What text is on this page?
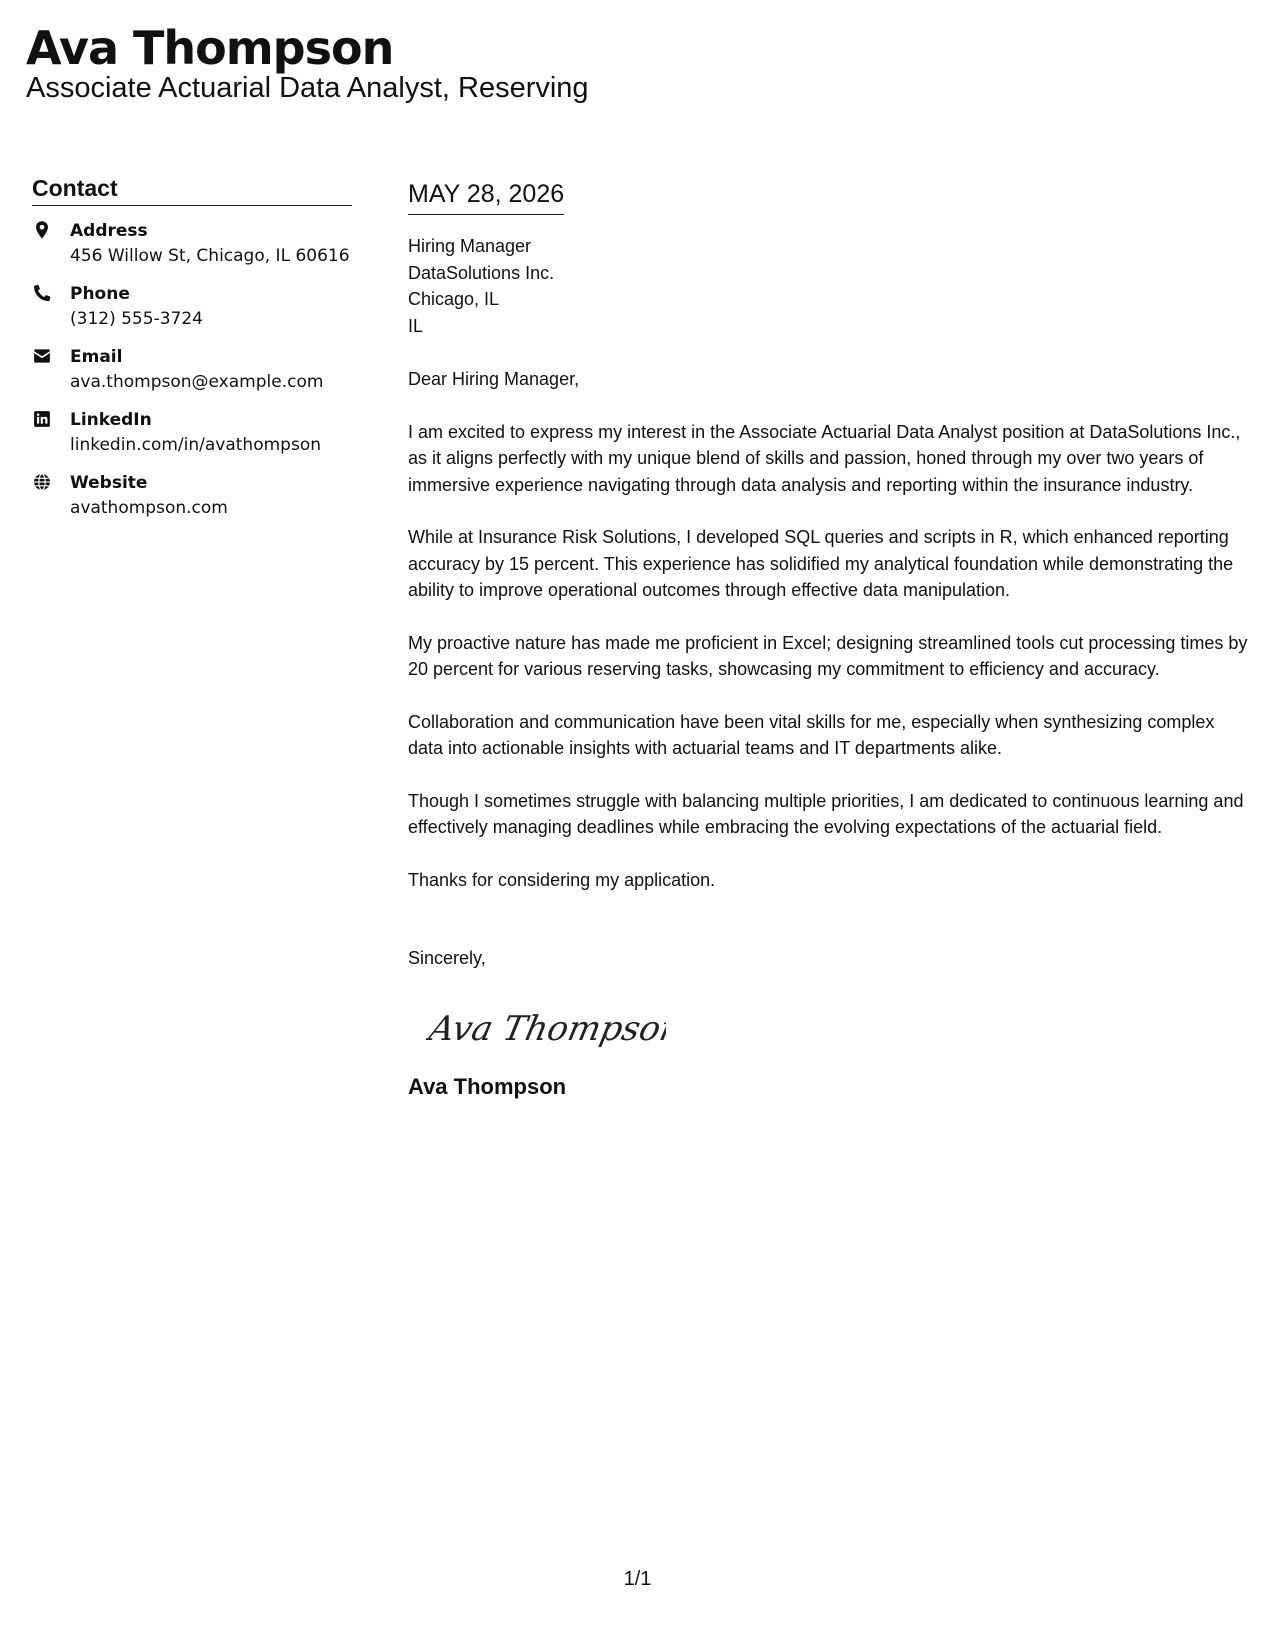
Ava Thompson
Associate Actuarial Data Analyst, Reserving
Contact
Address
456 Willow St, Chicago, IL 60616
Phone
(312) 555-3724
Email
ava.thompson@example.com
LinkedIn
linkedin.com/in/avathompson
Website
avathompson.com
MAY 28, 2026
Hiring Manager
DataSolutions Inc.
Chicago, IL
IL

Dear Hiring Manager,

I am excited to express my interest in the Associate Actuarial Data Analyst position at DataSolutions Inc., as it aligns perfectly with my unique blend of skills and passion, honed through my over two years of immersive experience navigating through data analysis and reporting within the insurance industry.

While at Insurance Risk Solutions, I developed SQL queries and scripts in R, which enhanced reporting accuracy by 15 percent. This experience has solidified my analytical foundation while demonstrating the ability to improve operational outcomes through effective data manipulation.

My proactive nature has made me proficient in Excel; designing streamlined tools cut processing times by 20 percent for various reserving tasks, showcasing my commitment to efficiency and accuracy.

Collaboration and communication have been vital skills for me, especially when synthesizing complex data into actionable insights with actuarial teams and IT departments alike.

Though I sometimes struggle with balancing multiple priorities, I am dedicated to continuous learning and effectively managing deadlines while embracing the evolving expectations of the actuarial field.

Thanks for considering my application.

Sincerely,

Ava Thompson
Ava Thompson
1/1
